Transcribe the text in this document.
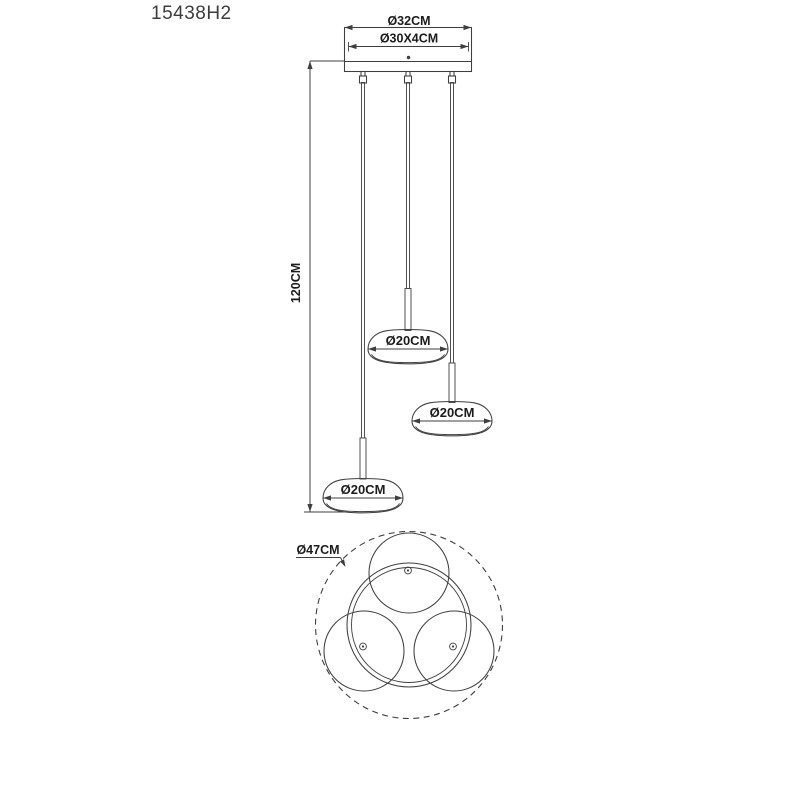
15438H2
120CM
Ø32CM
Ø30X4CM
Ø20CM
Ø20CM
Ø20CM
Ø47CM
